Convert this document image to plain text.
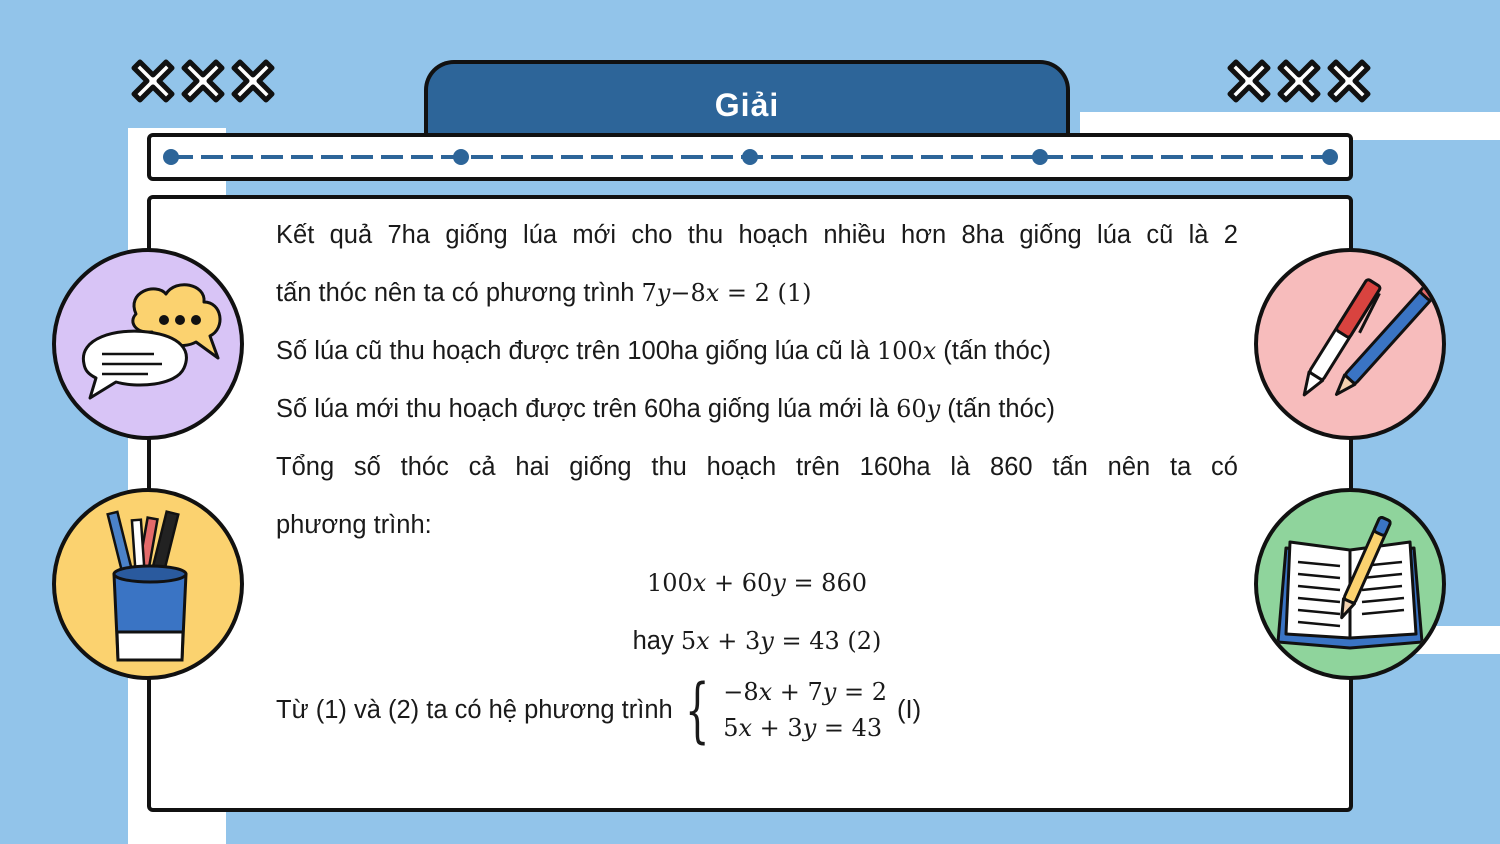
Giải

Kết quả 7ha giống lúa mới cho thu hoạch nhiều hơn 8ha giống lúa cũ là 2

tấn thóc nên ta có phương trình 7𝑦−8𝑥 = 2 (1)

Số lúa cũ thu hoạch được trên 100ha giống lúa cũ là 100𝑥 (tấn thóc)

Số lúa mới thu hoạch được trên 60ha giống lúa mới là 60𝑦 (tấn thóc)

Tổng số thóc cả hai giống thu hoạch trên 160ha là 860 tấn nên ta có

phương trình:

100𝑥 + 60𝑦 = 860

hay 5𝑥 + 3𝑦 = 43 (2)

Từ (1) và (2) ta có hệ phương trình { −8𝑥 + 7𝑦 = 2
5𝑥 + 3𝑦 = 43
(I)
